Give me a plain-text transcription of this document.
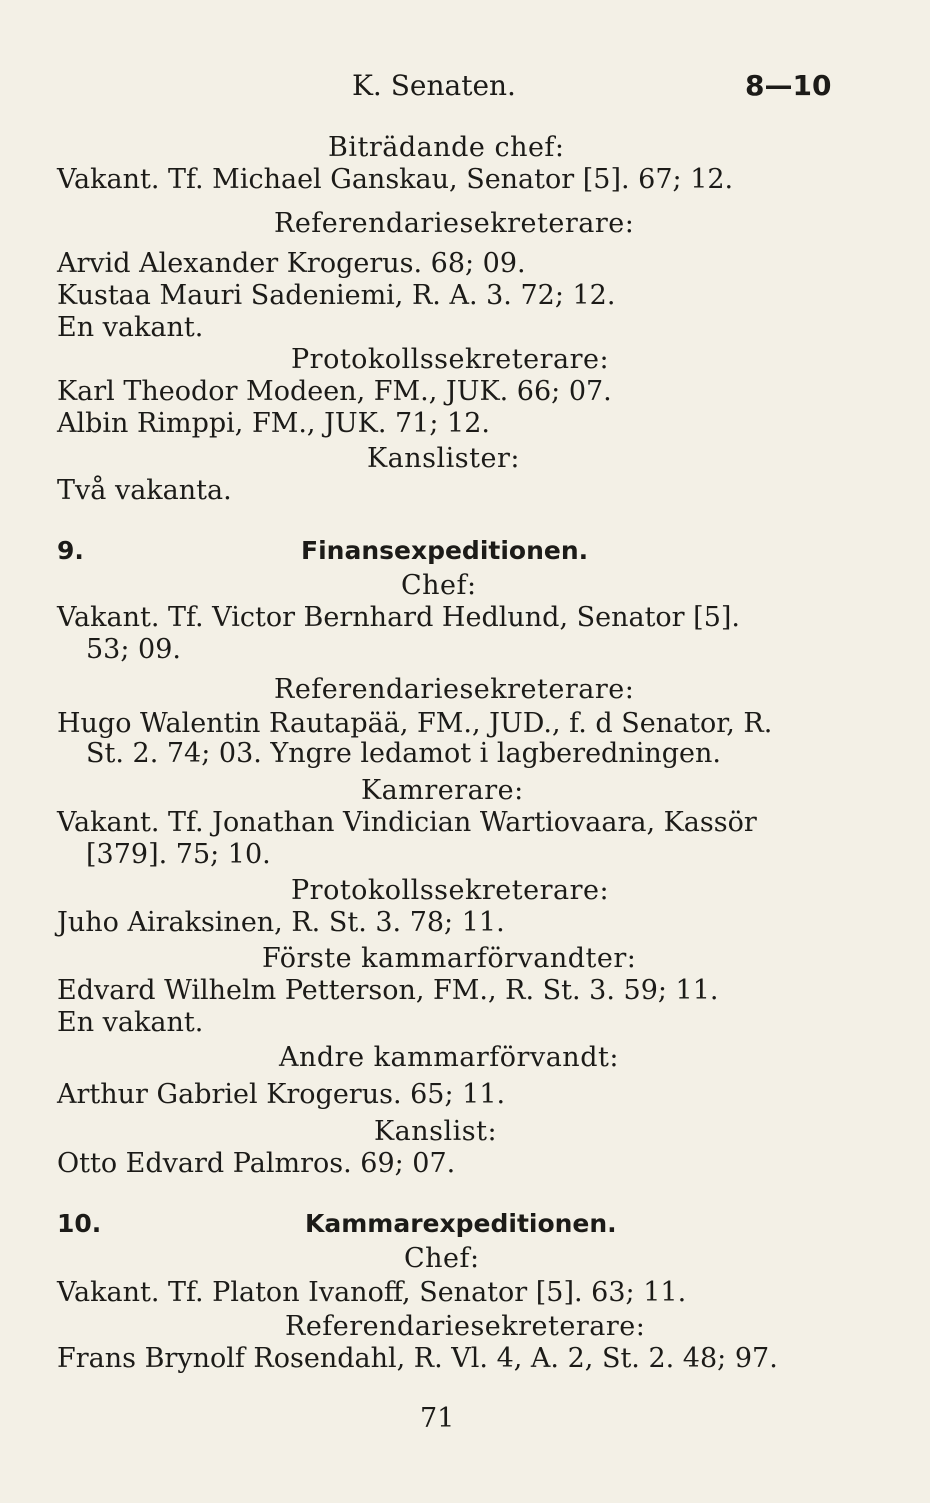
K. Senaten.	8—10
Biträdande chef:
Vakant. Tf. Michael Ganskau, Senator [5]. 67; 12.
Referendariesekreterare:
Arvid Alexander Krogerus. 68; 09.
Kustaa Mauri Sadeniemi, R. A. 3. 72; 12.
En vakant.
Protokollssekreterare:
Karl Theodor Modeen, FM., JUK. 66; 07.
Albin Rimppi, FM., JUK. 71; 12.
Kanslister:
Två vakanta.
9.	Finansexpeditionen.
Chef:
Vakant. Tf. Victor Bernhard Hedlund, Senator [5].
53; 09.
Referendariesekreterare:
Hugo Walentin Rautapää, FM., JUD., f. d Senator, R.
St. 2. 74; 03. Yngre ledamot i lagberedningen.
Kamrerare:
Vakant. Tf. Jonathan Vindician Wartiovaara, Kassör
[379]. 75; 10.
Protokollssekreterare:
Juho Airaksinen, R. St. 3. 78; 11.
Förste kammarförvandter:
Edvard Wilhelm Petterson, FM., R. St. 3. 59; 11.
En vakant.
Andre kammarförvandt:
Arthur Gabriel Krogerus. 65; 11.
Kanslist:
Otto Edvard Palmros. 69; 07.
10.	Kammarexpeditionen.
Chef:
Vakant. Tf. Platon Ivanoff, Senator [5]. 63; 11.
Referendariesekreterare:
Frans Brynolf Rosendahl, R. Vl. 4, A. 2, St. 2. 48; 97.
71
